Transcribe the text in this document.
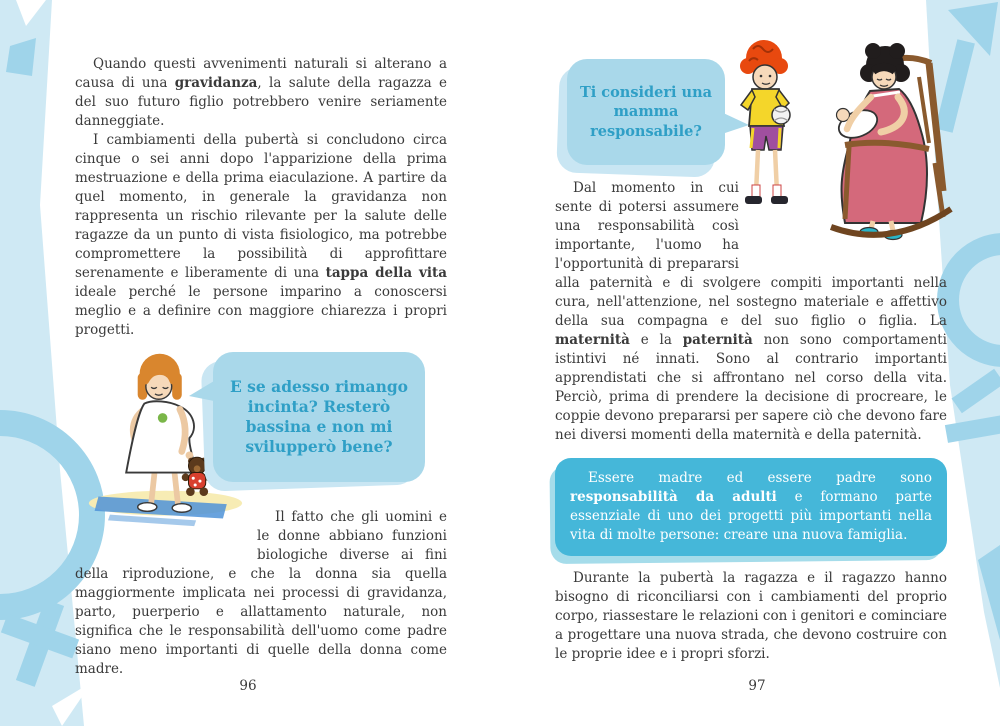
Quando questi avvenimenti naturali si alterano a causa di una gravidanza, la salute della ragazza e del suo futuro figlio potrebbero venire seriamente danneggiate.

I cambiamenti della pubertà si concludono circa cinque o sei anni dopo l'apparizione della prima mestruazione e della prima eiaculazione. A partire da quel momento, in generale la gravidanza non rappresenta un rischio rilevante per la salute delle ragazze da un punto di vista fisiologico, ma potrebbe compromettere la possibilità di approfittare serenamente e liberamente di una tappa della vita ideale perché le persone imparino a conoscersi meglio e a definire con maggiore chiarezza i propri progetti.

E se adesso rimango incinta? Resterò bassina e non mi svilupperò bene?

Il fatto che gli uomini e le donne abbiano funzioni biologiche diverse ai fini della riproduzione, e che la donna sia quella maggiormente implicata nei processi di gravidanza, parto, puerperio e allattamento naturale, non significa che le responsabilità dell'uomo come padre siano meno importanti di quelle della donna come madre.

Ti consideri una mamma responsabile?

Dal momento in cui sente di potersi assumere una responsabilità così importante, l'uomo ha l'opportunità di prepararsi alla paternità e di svolgere compiti importanti nella cura, nell'attenzione, nel sostegno materiale e affettivo della sua compagna e del suo figlio o figlia. La maternità e la paternità non sono comportamenti istintivi né innati. Sono al contrario importanti apprendistati che si affrontano nel corso della vita. Perciò, prima di prendere la decisione di procreare, le coppie devono prepararsi per sapere ciò che devono fare nei diversi momenti della maternità e della paternità.

Essere madre ed essere padre sono responsabilità da adulti e formano parte essenziale di uno dei progetti più importanti nella vita di molte persone: creare una nuova famiglia.

Durante la pubertà la ragazza e il ragazzo hanno bisogno di riconciliarsi con i cambiamenti del proprio corpo, riassestare le relazioni con i genitori e cominciare a progettare una nuova strada, che devono costruire con le proprie idee e i propri sforzi.

96	97
